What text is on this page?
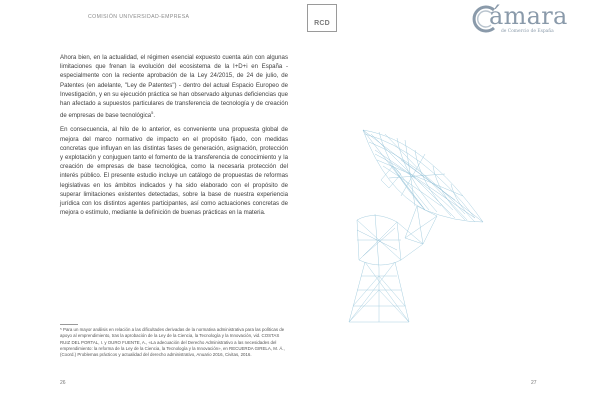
COMISIÓN UNIVERSIDAD-EMPRESA

Ahora bien, en la actualidad, el régimen esencial expuesto cuenta aún con algunas limitaciones que frenan la evolución del ecosistema de la I+D+i en España - especialmente con la reciente aprobación de la Ley 24/2015, de 24 de julio, de Patentes (en adelante, "Ley de Patentes") - dentro del actual Espacio Europeo de Investigación, y en su ejecución práctica se han observado algunas deficiencias que han afectado a supuestos particulares de transferencia de tecnología y de creación de empresas de base tecnológica$^5$.

En consecuencia, al hilo de lo anterior, es conveniente una propuesta global de mejora del marco normativo de impacto en el propósito fijado, con medidas concretas que influyan en las distintas fases de generación, asignación, protección y explotación y conjuguen tanto el fomento de la transferencia de conocimiento y la creación de empresas de base tecnológica, como la necesaria protección del interés público. El presente estudio incluye un catálogo de propuestas de reformas legislativas en los ámbitos indicados y ha sido elaborado con el propósito de superar limitaciones existentes detectadas, sobre la base de nuestra experiencia jurídica con los distintos agentes participantes, así como actuaciones concretas de mejora o estímulo, mediante la definición de buenas prácticas en la materia.

⁵ Para un mayor análisis en relación a las dificultades derivadas de la normativa administrativa para las políticas de apoyo al emprendimiento, tras la aprobación de la Ley de la Ciencia, la Tecnología y la Innovación, vid. COSTAS RUIZ DEL PORTAL, I. y OURO FUENTE, A., «La adecuación del Derecho Administrativo a las necesidades del emprendimiento: la reforma de la Ley de la Ciencia, la Tecnología y la Innovación», en RECUERDA GIRELA, M. Á., (Coord.) Problemas prácticos y actualidad del derecho administrativo, Anuario 2016, Civitas, 2016.

26
RCD	ámara
de Comercio de España
27
